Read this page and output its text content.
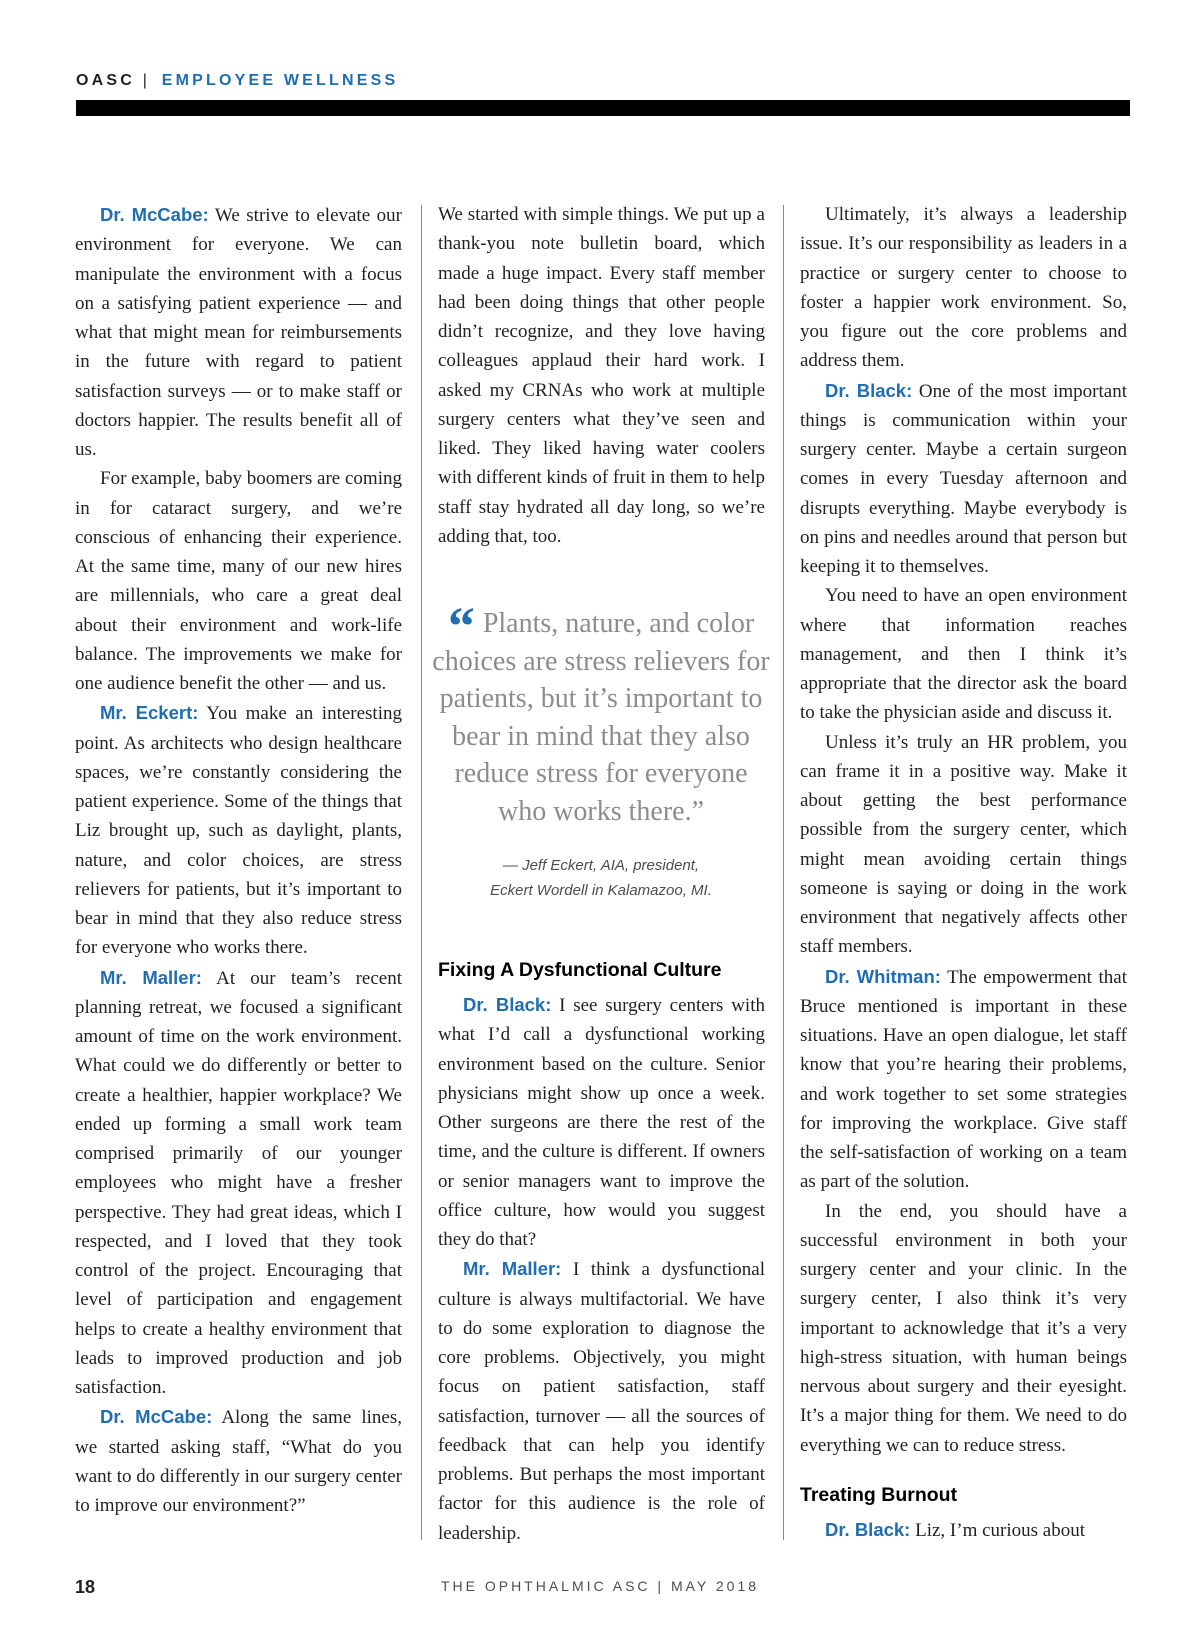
OASC | EMPLOYEE WELLNESS

Dr. McCabe: We strive to elevate our environment for everyone. We can manipulate the environment with a focus on a satisfying patient experience — and what that might mean for reimbursements in the future with regard to patient satisfaction surveys — or to make staff or doctors happier. The results benefit all of us.

For example, baby boomers are coming in for cataract surgery, and we’re conscious of enhancing their experience. At the same time, many of our new hires are millennials, who care a great deal about their environment and work-life balance. The improvements we make for one audience benefit the other — and us.

Mr. Eckert: You make an interesting point. As architects who design healthcare spaces, we’re constantly considering the patient experience. Some of the things that Liz brought up, such as daylight, plants, nature, and color choices, are stress relievers for patients, but it’s important to bear in mind that they also reduce stress for everyone who works there.

Mr. Maller: At our team’s recent planning retreat, we focused a significant amount of time on the work environment. What could we do differently or better to create a healthier, happier workplace? We ended up forming a small work team comprised primarily of our younger employees who might have a fresher perspective. They had great ideas, which I respected, and I loved that they took control of the project. Encouraging that level of participation and engagement helps to create a healthy environment that leads to improved production and job satisfaction.

Dr. McCabe: Along the same lines, we started asking staff, “What do you want to do differently in our surgery center to improve our environment?”

We started with simple things. We put up a thank-you note bulletin board, which made a huge impact. Every staff member had been doing things that other people didn’t recognize, and they love having colleagues applaud their hard work. I asked my CRNAs who work at multiple surgery centers what they’ve seen and liked. They liked having water coolers with different kinds of fruit in them to help staff stay hydrated all day long, so we’re adding that, too.

“ Plants, nature, and color choices are stress relievers for patients, but it’s important to bear in mind that they also reduce stress for everyone who works there.”
— Jeff Eckert, AIA, president,
Eckert Wordell in Kalamazoo, MI.
Fixing A Dysfunctional Culture

Dr. Black: I see surgery centers with what I’d call a dysfunctional working environment based on the culture. Senior physicians might show up once a week. Other surgeons are there the rest of the time, and the culture is different. If owners or senior managers want to improve the office culture, how would you suggest they do that?

Mr. Maller: I think a dysfunctional culture is always multifactorial. We have to do some exploration to diagnose the core problems. Objectively, you might focus on patient satisfaction, staff satisfaction, turnover — all the sources of feedback that can help you identify problems. But perhaps the most important factor for this audience is the role of leadership.

Ultimately, it’s always a leadership issue. It’s our responsibility as leaders in a practice or surgery center to choose to foster a happier work environment. So, you figure out the core problems and address them.

Dr. Black: One of the most important things is communication within your surgery center. Maybe a certain surgeon comes in every Tuesday afternoon and disrupts everything. Maybe everybody is on pins and needles around that person but keeping it to themselves.

You need to have an open environment where that information reaches management, and then I think it’s appropriate that the director ask the board to take the physician aside and discuss it.

Unless it’s truly an HR problem, you can frame it in a positive way. Make it about getting the best performance possible from the surgery center, which might mean avoiding certain things someone is saying or doing in the work environment that negatively affects other staff members.

Dr. Whitman: The empowerment that Bruce mentioned is important in these situations. Have an open dialogue, let staff know that you’re hearing their problems, and work together to set some strategies for improving the workplace. Give staff the self-satisfaction of working on a team as part of the solution.

In the end, you should have a successful environment in both your surgery center and your clinic. In the surgery center, I also think it’s very important to acknowledge that it’s a very high-stress situation, with human beings nervous about surgery and their eyesight. It’s a major thing for them. We need to do everything we can to reduce stress.

Treating Burnout

Dr. Black: Liz, I’m curious about

18	THE OPHTHALMIC ASC | MAY 2018
